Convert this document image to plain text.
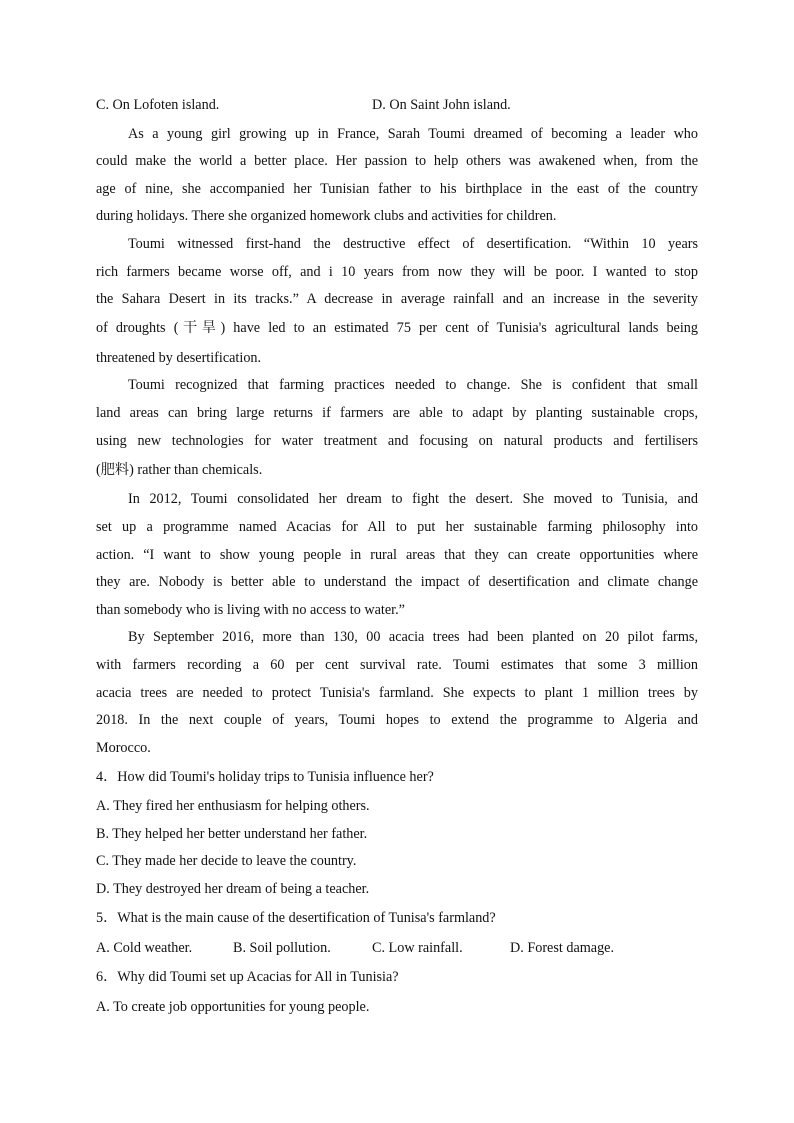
C. On Lofoten island.	D. On Saint John island.
As a young girl growing up in France, Sarah Toumi dreamed of becoming a leader who
could make the world a better place. Her passion to help others was awakened when, from the
age of nine, she accompanied her Tunisian father to his birthplace in the east of the country
during holidays. There she organized homework clubs and activities for children.
Toumi witnessed first-hand the destructive effect of desertification. “Within 10 years
rich farmers became worse off, and i 10 years from now they will be poor. I wanted to stop
the Sahara Desert in its tracks.” A decrease in average rainfall and an increase in the severity
of droughts (干旱) have led to an estimated 75 per cent of Tunisia's agricultural lands being
threatened by desertification.
Toumi recognized that farming practices needed to change. She is confident that small
land areas can bring large returns if farmers are able to adapt by planting sustainable crops,
using new technologies for water treatment and focusing on natural products and fertilisers
(肥料) rather than chemicals.
In 2012, Toumi consolidated her dream to fight the desert. She moved to Tunisia, and
set up a programme named Acacias for All to put her sustainable farming philosophy into
action. “I want to show young people in rural areas that they can create opportunities where
they are. Nobody is better able to understand the impact of desertification and climate change
than somebody who is living with no access to water.”
By September 2016, more than 130, 00 acacia trees had been planted on 20 pilot farms,
with farmers recording a 60 per cent survival rate. Toumi estimates that some 3 million
acacia trees are needed to protect Tunisia's farmland. She expects to plant 1 million trees by
2018. In the next couple of years, Toumi hopes to extend the programme to Algeria and
Morocco.
4．How did Toumi's holiday trips to Tunisia influence her?
A. They fired her enthusiasm for helping others.
B. They helped her better understand her father.
C. They made her decide to leave the country.
D. They destroyed her dream of being a teacher.
5．What is the main cause of the desertification of Tunisa's farmland?
A. Cold weather.	B. Soil pollution.	C. Low rainfall.	D. Forest damage.
6．Why did Toumi set up Acacias for All in Tunisia?
A. To create job opportunities for young people.
